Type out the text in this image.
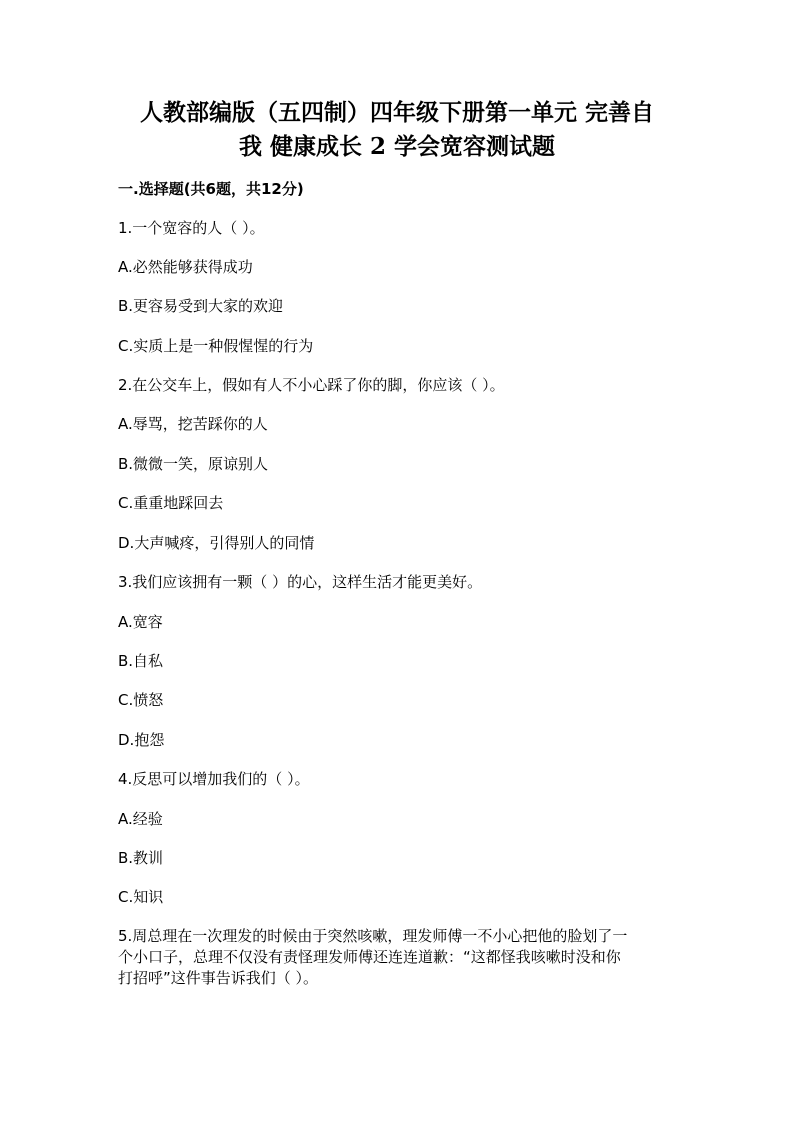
人教部编版（五四制）四年级下册第一单元 完善自
我 健康成长 2 学会宽容测试题
一.选择题(共6题，共12分)
1.一个宽容的人（ ）。
A.必然能够获得成功
B.更容易受到大家的欢迎
C.实质上是一种假惺惺的行为
2.在公交车上，假如有人不小心踩了你的脚，你应该（ ）。
A.辱骂，挖苦踩你的人
B.微微一笑，原谅别人
C.重重地踩回去
D.大声喊疼，引得别人的同情
3.我们应该拥有一颗（ ）的心，这样生活才能更美好。
A.宽容
B.自私
C.愤怒
D.抱怨
4.反思可以增加我们的（ ）。
A.经验
B.教训
C.知识
5.周总理在一次理发的时候由于突然咳嗽，理发师傅一不小心把他的脸划了一
个小口子，总理不仅没有责怪理发师傅还连连道歉：“这都怪我咳嗽时没和你
打招呼”这件事告诉我们（ ）。
